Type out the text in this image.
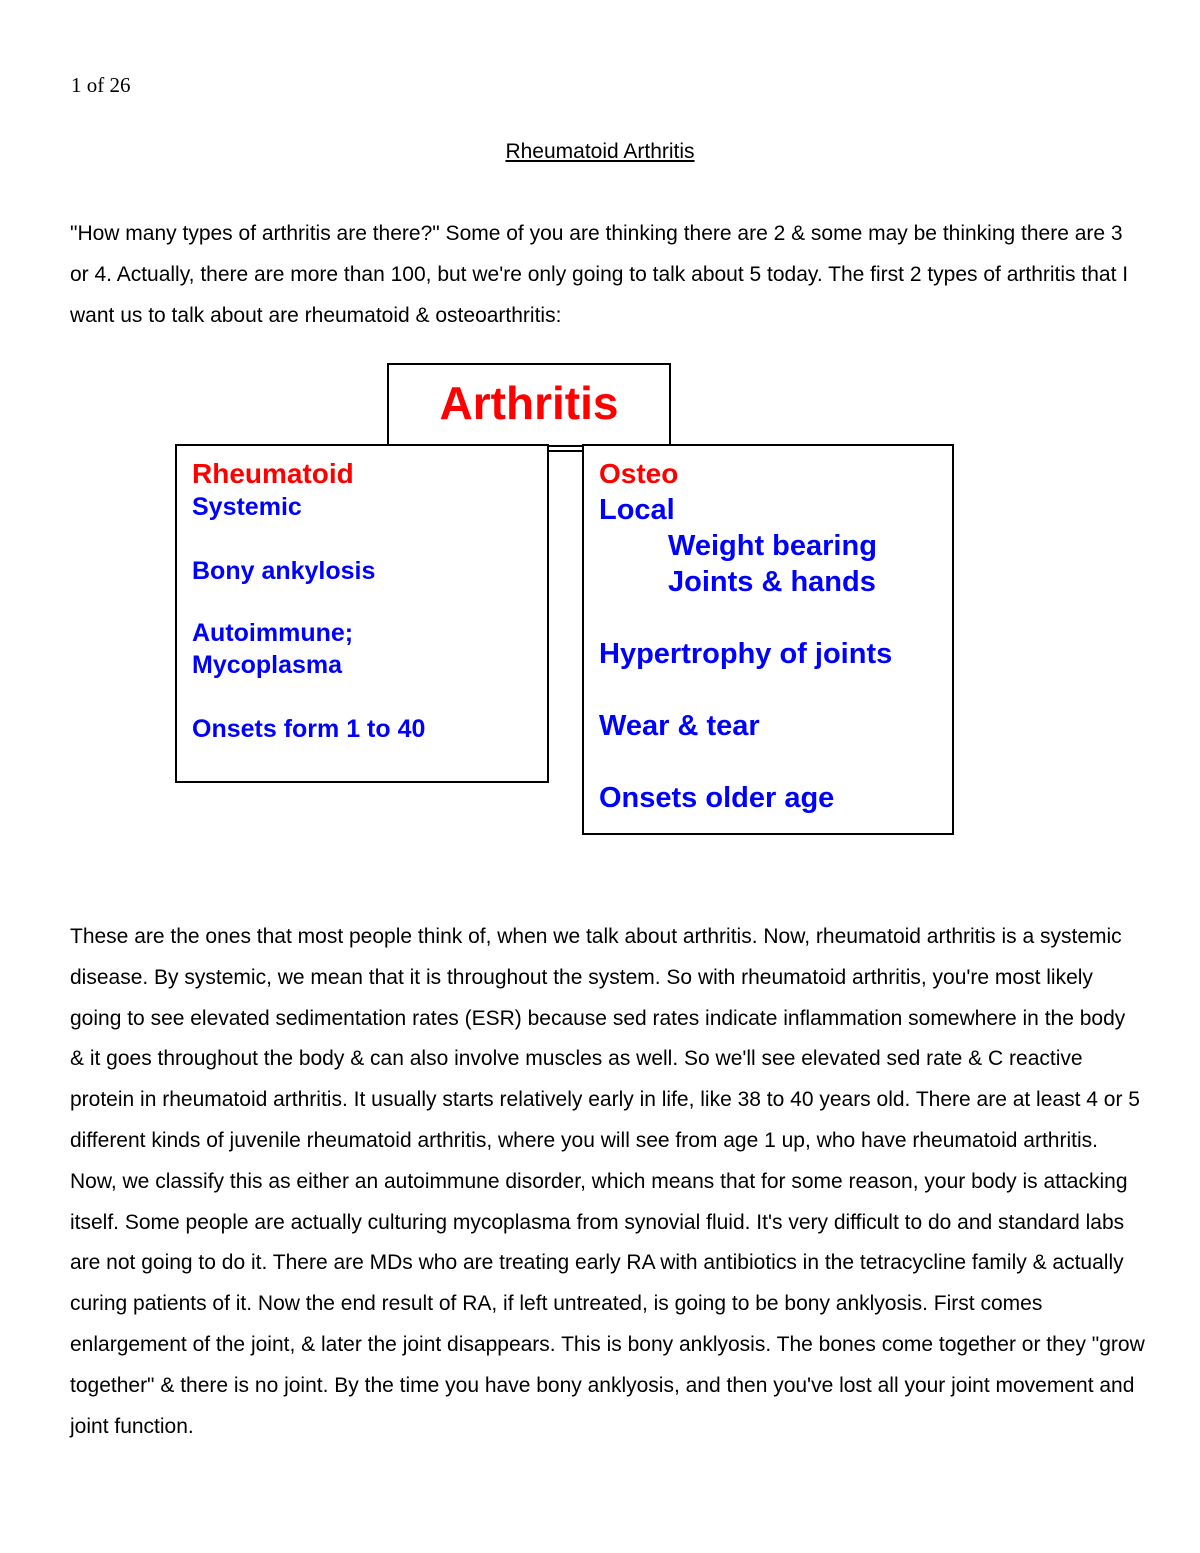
1 of 26
Rheumatoid Arthritis

"How many types of arthritis are there?" Some of you are thinking there are 2 & some may be thinking there are 3 or 4. Actually, there are more than 100, but we're only going to talk about 5 today. The first 2 types of arthritis that I want us to talk about are rheumatoid & osteoarthritis:

Arthritis
Rheumatoid
Systemic
Bony ankylosis
Autoimmune;
Mycoplasma
Onsets form 1 to 40
Osteo
Local
Weight bearing
Joints & hands
Hypertrophy of joints
Wear & tear
Onsets older age

These are the ones that most people think of, when we talk about arthritis. Now, rheumatoid arthritis is a systemic disease. By systemic, we mean that it is throughout the system. So with rheumatoid arthritis, you're most likely going to see elevated sedimentation rates (ESR) because sed rates indicate inflammation somewhere in the body & it goes throughout the body & can also involve muscles as well. So we'll see elevated sed rate & C reactive protein in rheumatoid arthritis. It usually starts relatively early in life, like 38 to 40 years old. There are at least 4 or 5 different kinds of juvenile rheumatoid arthritis, where you will see from age 1 up, who have rheumatoid arthritis. Now, we classify this as either an autoimmune disorder, which means that for some reason, your body is attacking itself. Some people are actually culturing mycoplasma from synovial fluid. It's very difficult to do and standard labs are not going to do it. There are MDs who are treating early RA with antibiotics in the tetracycline family & actually curing patients of it. Now the end result of RA, if left untreated, is going to be bony anklyosis. First comes enlargement of the joint, & later the joint disappears. This is bony anklyosis. The bones come together or they "grow together" & there is no joint. By the time you have bony anklyosis, and then you've lost all your joint movement and joint function.
